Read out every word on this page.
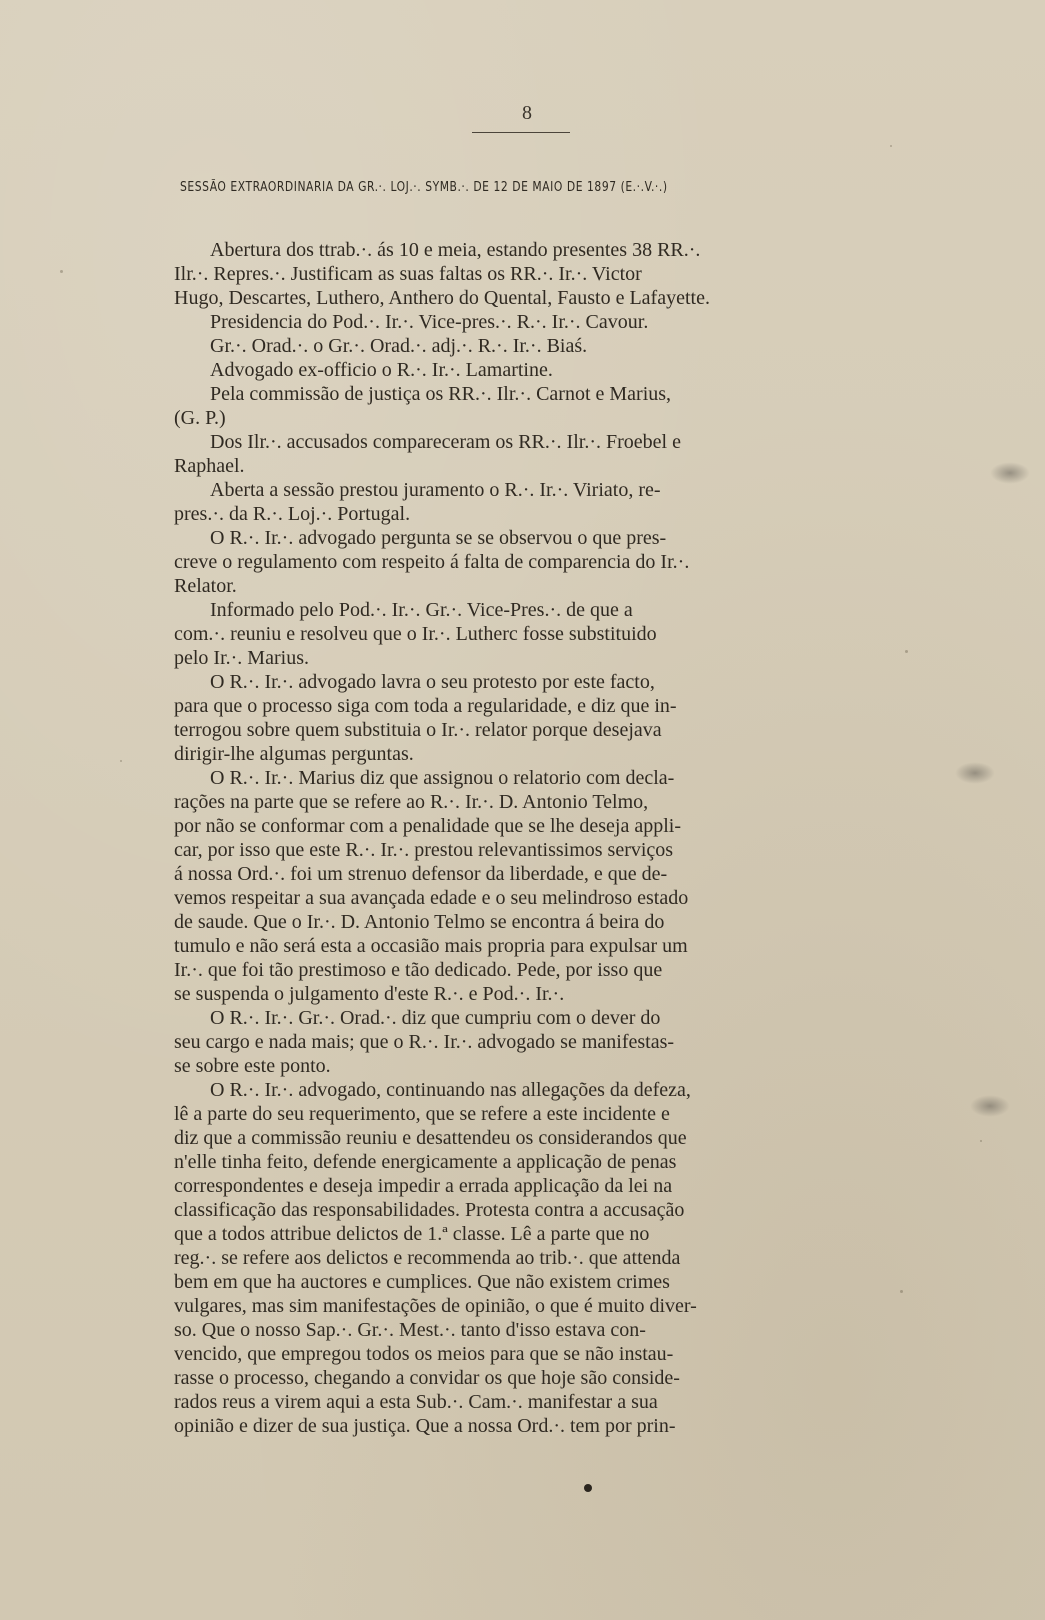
8
SESSÃO EXTRAORDINARIA DA GR.·. LOJ.·. SYMB.·. DE 12 DE MAIO DE 1897 (E.·.V.·.)
Abertura dos ttrab.·. ás 10 e meia, estando presentes 38 RR.·.
Ilr.·. Repres.·. Justificam as suas faltas os RR.·. Ir.·. Victor
Hugo, Descartes, Luthero, Anthero do Quental, Fausto e Lafayette.
Presidencia do Pod.·. Ir.·. Vice-pres.·. R.·. Ir.·. Cavour.
Gr.·. Orad.·. o Gr.·. Orad.·. adj.·. R.·. Ir.·. Biaś.
Advogado ex-officio o R.·. Ir.·. Lamartine.
Pela commissão de justiça os RR.·. Ilr.·. Carnot e Marius,
(G. P.)
Dos Ilr.·. accusados compareceram os RR.·. Ilr.·. Froebel e
Raphael.
Aberta a sessão prestou juramento o R.·. Ir.·. Viriato, re-
pres.·. da R.·. Loj.·. Portugal.
O R.·. Ir.·. advogado pergunta se se observou o que pres-
creve o regulamento com respeito á falta de comparencia do Ir.·.
Relator.
Informado pelo Pod.·. Ir.·. Gr.·. Vice-Pres.·. de que a
com.·. reuniu e resolveu que o Ir.·. Lutherc fosse substituido
pelo Ir.·. Marius.
O R.·. Ir.·. advogado lavra o seu protesto por este facto,
para que o processo siga com toda a regularidade, e diz que in-
terrogou sobre quem substituia o Ir.·. relator porque desejava
dirigir-lhe algumas perguntas.
O R.·. Ir.·. Marius diz que assignou o relatorio com decla-
rações na parte que se refere ao R.·. Ir.·. D. Antonio Telmo,
por não se conformar com a penalidade que se lhe deseja appli-
car, por isso que este R.·. Ir.·. prestou relevantissimos serviços
á nossa Ord.·. foi um strenuo defensor da liberdade, e que de-
vemos respeitar a sua avançada edade e o seu melindroso estado
de saude. Que o Ir.·. D. Antonio Telmo se encontra á beira do
tumulo e não será esta a occasião mais propria para expulsar um
Ir.·. que foi tão prestimoso e tão dedicado. Pede, por isso que
se suspenda o julgamento d'este R.·. e Pod.·. Ir.·.
O R.·. Ir.·. Gr.·. Orad.·. diz que cumpriu com o dever do
seu cargo e nada mais; que o R.·. Ir.·. advogado se manifestas-
se sobre este ponto.
O R.·. Ir.·. advogado, continuando nas allegações da defeza,
lê a parte do seu requerimento, que se refere a este incidente e
diz que a commissão reuniu e desattendeu os considerandos que
n'elle tinha feito, defende energicamente a applicação de penas
correspondentes e deseja impedir a errada applicação da lei na
classificação das responsabilidades. Protesta contra a accusação
que a todos attribue delictos de 1.ª classe. Lê a parte que no
reg.·. se refere aos delictos e recommenda ao trib.·. que attenda
bem em que ha auctores e cumplices. Que não existem crimes
vulgares, mas sim manifestações de opinião, o que é muito diver-
so. Que o nosso Sap.·. Gr.·. Mest.·. tanto d'isso estava con-
vencido, que empregou todos os meios para que se não instau-
rasse o processo, chegando a convidar os que hoje são conside-
rados reus a virem aqui a esta Sub.·. Cam.·. manifestar a sua
opinião e dizer de sua justiça. Que a nossa Ord.·. tem por prin-
